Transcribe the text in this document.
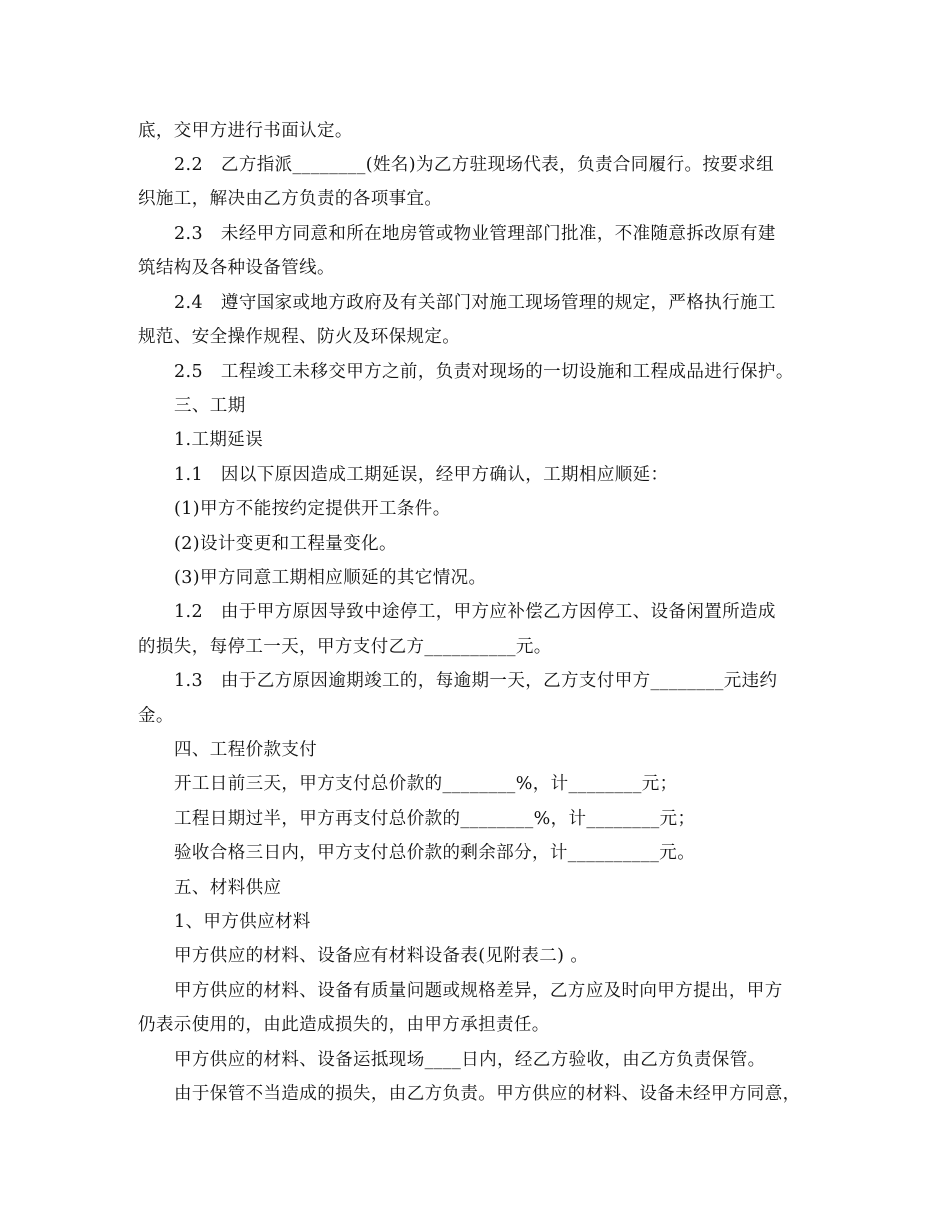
底，交甲方进行书面认定。
2.2　乙方指派________(姓名)为乙方驻现场代表，负责合同履行。按要求组
织施工，解决由乙方负责的各项事宜。
2.3　未经甲方同意和所在地房管或物业管理部门批准，不准随意拆改原有建
筑结构及各种设备管线。
2.4　遵守国家或地方政府及有关部门对施工现场管理的规定，严格执行施工
规范、安全操作规程、防火及环保规定。
2.5　工程竣工未移交甲方之前，负责对现场的一切设施和工程成品进行保护。
三、工期
1.工期延误
1.1　因以下原因造成工期延误，经甲方确认，工期相应顺延：
(1)甲方不能按约定提供开工条件。
(2)设计变更和工程量变化。
(3)甲方同意工期相应顺延的其它情况。
1.2　由于甲方原因导致中途停工，甲方应补偿乙方因停工、设备闲置所造成
的损失，每停工一天，甲方支付乙方__________元。
1.3　由于乙方原因逾期竣工的，每逾期一天，乙方支付甲方________元违约
金。
四、工程价款支付
开工日前三天，甲方支付总价款的________%，计________元；
工程日期过半，甲方再支付总价款的________%，计________元；
验收合格三日内，甲方支付总价款的剩余部分，计__________元。
五、材料供应
1、甲方供应材料
甲方供应的材料、设备应有材料设备表(见附表二) 。
甲方供应的材料、设备有质量问题或规格差异，乙方应及时向甲方提出，甲方
仍表示使用的，由此造成损失的，由甲方承担责任。
甲方供应的材料、设备运抵现场____日内，经乙方验收，由乙方负责保管。
由于保管不当造成的损失，由乙方负责。甲方供应的材料、设备未经甲方同意，
